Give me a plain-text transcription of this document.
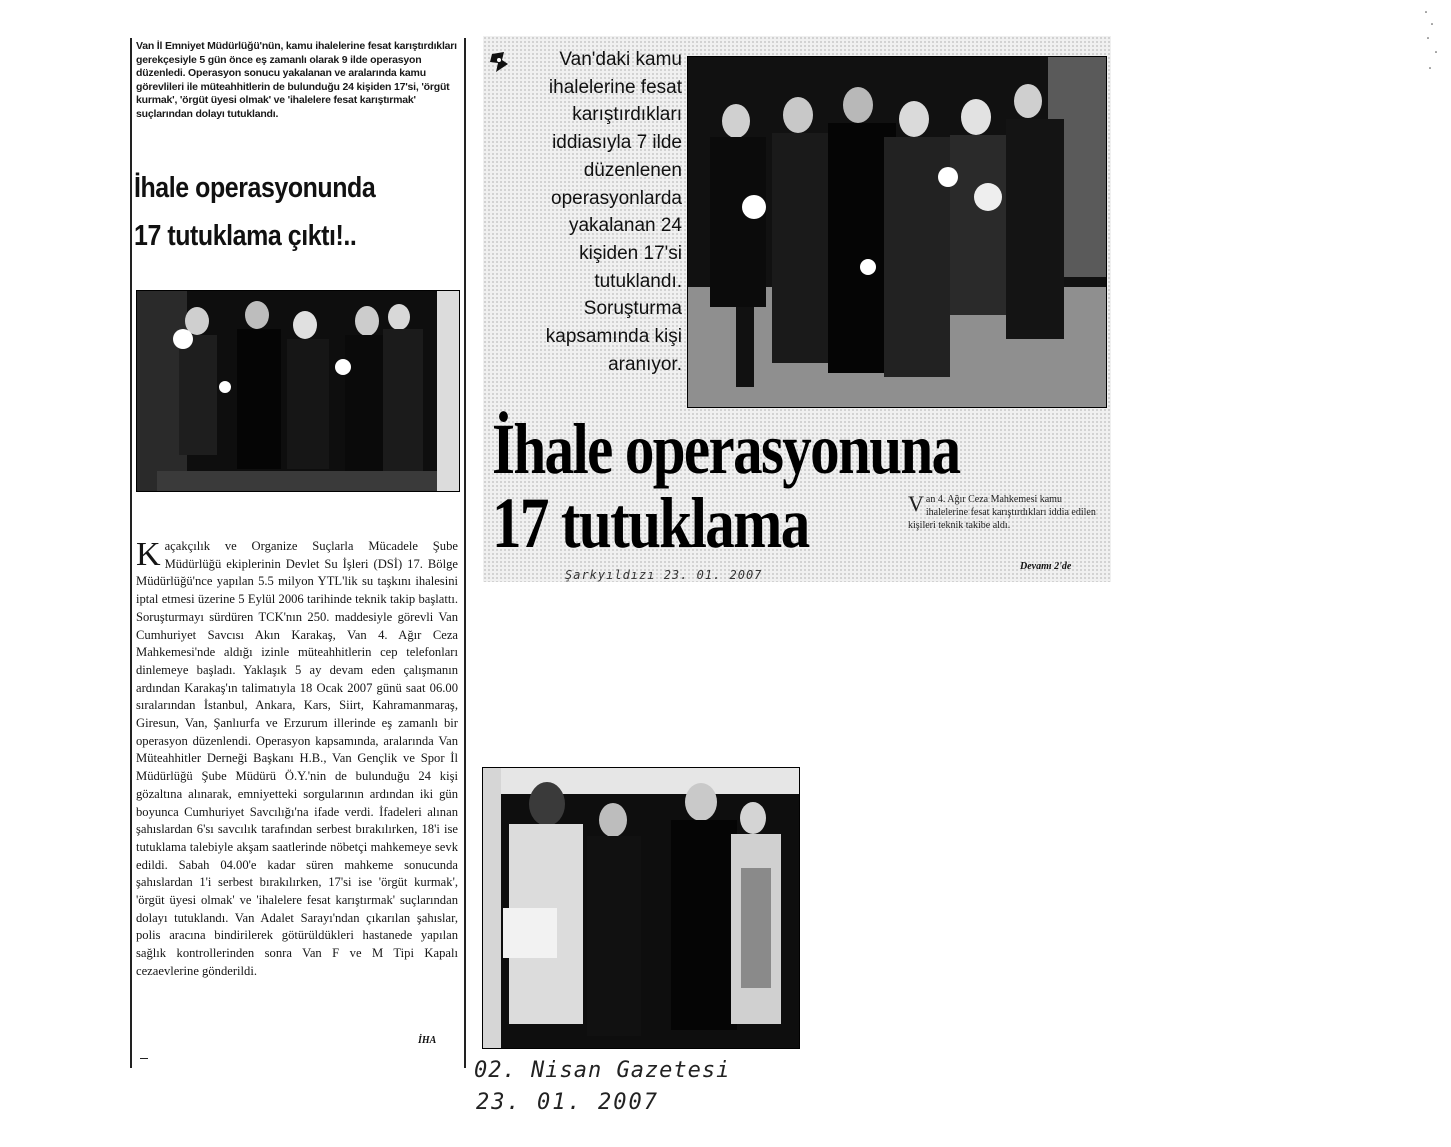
Van İl Emniyet Müdürlüğü'nün, kamu ihalelerine fesat karıştırdıkları gerekçesiyle 5 gün önce eş zamanlı olarak 9 ilde operasyon düzenledi. Operasyon sonucu yakalanan ve aralarında kamu görevlileri ile müteahhitlerin de bulunduğu 24 kişiden 17'si, 'örgüt kurmak', 'örgüt üyesi olmak' ve 'ihalelere fesat karıştırmak' suçlarından dolayı tutuklandı.
İhale operasyonunda
17 tutuklama çıktı!..
K açakçılık ve Organize Suçlarla Mücadele Şube Müdürlüğü ekiplerinin Devlet Su İşleri (DSİ) 17. Bölge Müdürlüğü'nce yapılan 5.5 milyon YTL'lik su taşkını ihalesini iptal etmesi üzerine 5 Eylül 2006 tarihinde teknik takip başlattı. Soruşturmayı sürdüren TCK'nın 250. maddesiyle görevli Van Cumhuriyet Savcısı Akın Karakaş, Van 4. Ağır Ceza Mahkemesi'nde aldığı izinle müteahhitlerin cep telefonları dinlemeye başladı. Yaklaşık 5 ay devam eden çalışmanın ardından Karakaş'ın talimatıyla 18 Ocak 2007 günü saat 06.00 sıralarından İstanbul, Ankara, Kars, Siirt, Kahramanmaraş, Giresun, Van, Şanlıurfa ve Erzurum illerinde eş zamanlı bir operasyon düzenlendi. Operasyon kapsamında, aralarında Van Müteahhitler Derneği Başkanı H.B., Van Gençlik ve Spor İl Müdürlüğü Şube Müdürü Ö.Y.'nin de bulunduğu 24 kişi gözaltına alınarak, emniyetteki sorgularının ardından iki gün boyunca Cumhuriyet Savcılığı'na ifade verdi. İfadeleri alınan şahıslardan 6'sı savcılık tarafından serbest bırakılırken, 18'i ise tutuklama talebiyle akşam saatlerinde nöbetçi mahkemeye sevk edildi. Sabah 04.00'e kadar süren mahkeme sonucunda şahıslardan 1'i serbest bırakılırken, 17'si ise 'örgüt kurmak', 'örgüt üyesi olmak' ve 'ihalelere fesat karıştırmak' suçlarından dolayı tutuklandı. Van Adalet Sarayı'ndan çıkarılan şahıslar, polis aracına bindirilerek götürüldükleri hastanede yapılan sağlık kontrollerinden sonra Van F ve M Tipi Kapalı cezaevlerine gönderildi.
İHA
Van'daki kamu
ihalelerine fesat
karıştırdıkları
iddiasıyla 7 ilde
düzenlenen
operasyonlarda
yakalanan 24
kişiden 17'si
tutuklandı.
Soruşturma
kapsamında kişi
aranıyor.
İhale operasyonuna
17 tutuklama	V an 4. Ağır Ceza Mahkemesi kamu ihalelerine fesat karıştırdıkları iddia edilen kişileri teknik takibe aldı.
Devamı 2'de
Şarkyıldızı 23. 01. 2007
02. Nisan Gazetesi
23. 01. 2007
